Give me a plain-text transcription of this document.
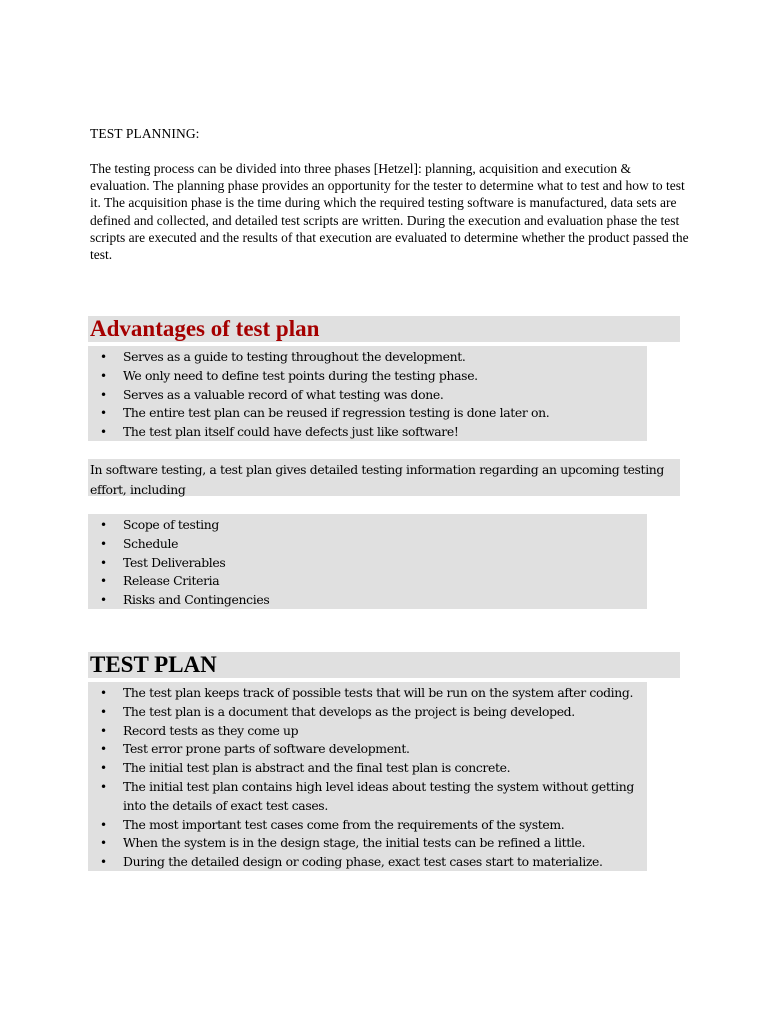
TEST PLANNING:

The testing process can be divided into three phases [Hetzel]: planning, acquisition and execution & evaluation. The planning phase provides an opportunity for the tester to determine what to test and how to test it. The acquisition phase is the time during which the required testing software is manufactured, data sets are defined and collected, and detailed test scripts are written. During the execution and evaluation phase the test scripts are executed and the results of that execution are evaluated to determine whether the product passed the test.

Advantages of test plan
• Serves as a guide to testing throughout the development.
• We only need to define test points during the testing phase.
• Serves as a valuable record of what testing was done.
• The entire test plan can be reused if regression testing is done later on.
• The test plan itself could have defects just like software!

In software testing, a test plan gives detailed testing information regarding an upcoming testing effort, including

• Scope of testing
• Schedule
• Test Deliverables
• Release Criteria
• Risks and Contingencies
TEST PLAN
• The test plan keeps track of possible tests that will be run on the system after coding.
• The test plan is a document that develops as the project is being developed.
• Record tests as they come up
• Test error prone parts of software development.
• The initial test plan is abstract and the final test plan is concrete.
• The initial test plan contains high level ideas about testing the system without getting into the details of exact test cases.
• The most important test cases come from the requirements of the system.
• When the system is in the design stage, the initial tests can be refined a little.
• During the detailed design or coding phase, exact test cases start to materialize.
